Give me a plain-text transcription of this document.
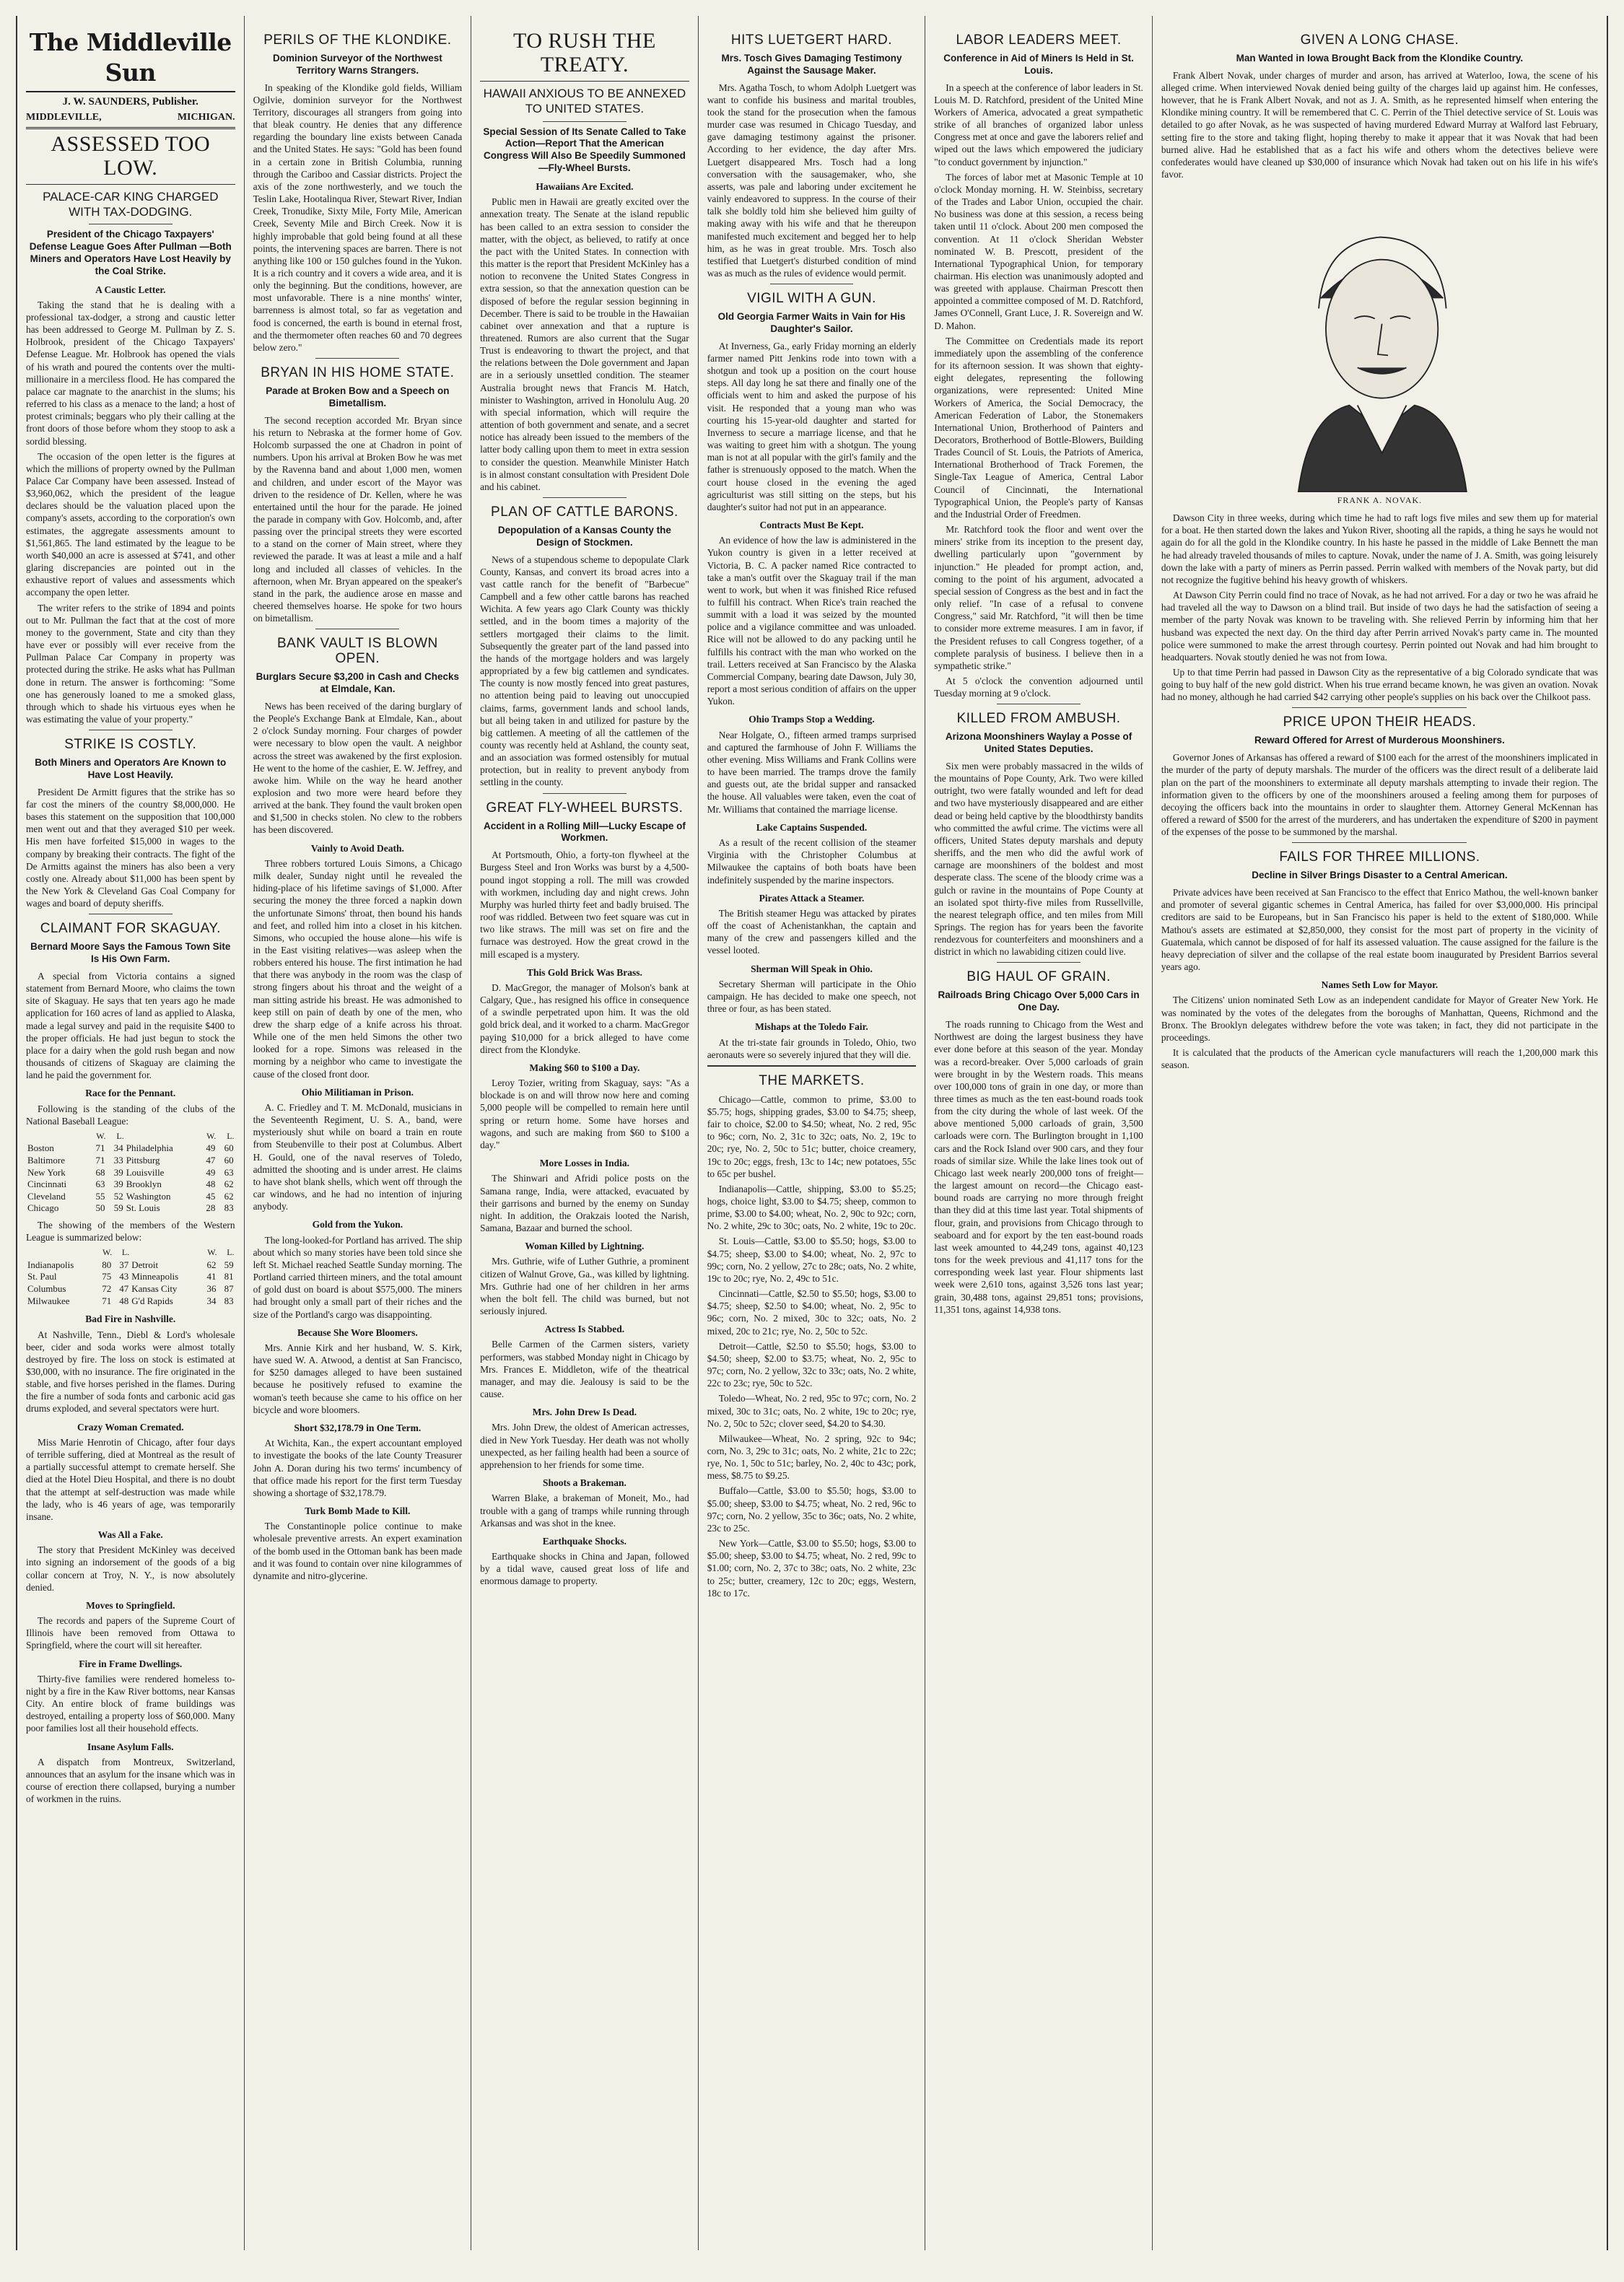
The Middleville Sun
J. W. SAUNDERS, Publisher.
MIDDLEVILLE,	MICHIGAN.
ASSESSED TOO LOW.
PALACE-CAR KING CHARGED WITH TAX-DODGING.
President of the Chicago Taxpayers' Defense League Goes After Pullman —Both Miners and Operators Have Lost Heavily by the Coal Strike.
A Caustic Letter.

Taking the stand that he is dealing with a professional tax-dodger, a strong and caustic letter has been addressed to George M. Pullman by Z. S. Holbrook, president of the Chicago Taxpayers' Defense League. Mr. Holbrook has opened the vials of his wrath and poured the contents over the multi-millionaire in a merciless flood. He has compared the palace car magnate to the anarchist in the slums; his referred to his class as a menace to the land; a host of protest criminals; beggars who ply their calling at the front doors of those before whom they stoop to ask a sordid blessing.

The occasion of the open letter is the figures at which the millions of property owned by the Pullman Palace Car Company have been assessed. Instead of $3,960,062, which the president of the league declares should be the valuation placed upon the company's assets, according to the corporation's own estimates, the aggregate assessments amount to $1,561,865. The land estimated by the league to be worth $40,000 an acre is assessed at $741, and other glaring discrepancies are pointed out in the exhaustive report of values and assessments which accompany the open letter.

The writer refers to the strike of 1894 and points out to Mr. Pullman the fact that at the cost of more money to the government, State and city than they have ever or possibly will ever receive from the Pullman Palace Car Company in property was protected during the strike. He asks what has Pullman done in return. The answer is forthcoming: "Some one has generously loaned to me a smoked glass, through which to shade his virtuous eyes when he was estimating the value of your property."

STRIKE IS COSTLY.
Both Miners and Operators Are Known to Have Lost Heavily.

President De Armitt figures that the strike has so far cost the miners of the country $8,000,000. He bases this statement on the supposition that 100,000 men went out and that they averaged $10 per week. His men have forfeited $15,000 in wages to the company by breaking their contracts. The fight of the De Armitts against the miners has also been a very costly one. Already about $11,000 has been spent by the New York & Cleveland Gas Coal Company for wages and board of deputy sheriffs.

CLAIMANT FOR SKAGUAY.
Bernard Moore Says the Famous Town Site Is His Own Farm.

A special from Victoria contains a signed statement from Bernard Moore, who claims the town site of Skaguay. He says that ten years ago he made application for 160 acres of land as applied to Alaska, made a legal survey and paid in the requisite $400 to the proper officials. He had just begun to stock the place for a dairy when the gold rush began and now thousands of citizens of Skaguay are claiming the land he paid the government for.

Race for the Pennant.

Following is the standing of the clubs of the National Baseball League:

	W.	L.		W.	L.
Boston	71	34	Philadelphia	49	60
Baltimore	71	33	Pittsburg	47	60
New York	68	39	Louisville	49	63
Cincinnati	63	39	Brooklyn	48	62
Cleveland	55	52	Washington	45	62
Chicago	50	59	St. Louis	28	83

The showing of the members of the Western League is summarized below:

	W.	L.		W.	L.
Indianapolis	80	37	Detroit	62	59
St. Paul	75	43	Minneapolis	41	81
Columbus	72	47	Kansas City	36	87
Milwaukee	71	48	G'd Rapids	34	83
Bad Fire in Nashville.

At Nashville, Tenn., Diebl & Lord's wholesale beer, cider and soda works were almost totally destroyed by fire. The loss on stock is estimated at $30,000, with no insurance. The fire originated in the stable, and five horses perished in the flames. During the fire a number of soda fonts and carbonic acid gas drums exploded, and several spectators were hurt.

Crazy Woman Cremated.

Miss Marie Henrotin of Chicago, after four days of terrible suffering, died at Montreal as the result of a partially successful attempt to cremate herself. She died at the Hotel Dieu Hospital, and there is no doubt that the attempt at self-destruction was made while the lady, who is 46 years of age, was temporarily insane.

Was All a Fake.

The story that President McKinley was deceived into signing an indorsement of the goods of a big collar concern at Troy, N. Y., is now absolutely denied.

Moves to Springfield.

The records and papers of the Supreme Court of Illinois have been removed from Ottawa to Springfield, where the court will sit hereafter.

Fire in Frame Dwellings.

Thirty-five families were rendered homeless to-night by a fire in the Kaw River bottoms, near Kansas City. An entire block of frame buildings was destroyed, entailing a property loss of $60,000. Many poor families lost all their household effects.

Insane Asylum Falls.

A dispatch from Montreux, Switzerland, announces that an asylum for the insane which was in course of erection there collapsed, burying a number of workmen in the ruins.

PERILS OF THE KLONDIKE.
Dominion Surveyor of the Northwest Territory Warns Strangers.

In speaking of the Klondike gold fields, William Ogilvie, dominion surveyor for the Northwest Territory, discourages all strangers from going into that bleak country. He denies that any difference regarding the boundary line exists between Canada and the United States. He says: "Gold has been found in a certain zone in British Columbia, running through the Cariboo and Cassiar districts. Project the axis of the zone northwesterly, and we touch the Teslin Lake, Hootalinqua River, Stewart River, Indian Creek, Tronudike, Sixty Mile, Forty Mile, American Creek, Seventy Mile and Birch Creek. Now it is highly improbable that gold being found at all these points, the intervening spaces are barren. There is not anything like 100 or 150 gulches found in the Yukon. It is a rich country and it covers a wide area, and it is only the beginning. But the conditions, however, are most unfavorable. There is a nine months' winter, barrenness is almost total, so far as vegetation and food is concerned, the earth is bound in eternal frost, and the thermometer often reaches 60 and 70 degrees below zero."

BRYAN IN HIS HOME STATE.
Parade at Broken Bow and a Speech on Bimetallism.

The second reception accorded Mr. Bryan since his return to Nebraska at the former home of Gov. Holcomb surpassed the one at Chadron in point of numbers. Upon his arrival at Broken Bow he was met by the Ravenna band and about 1,000 men, women and children, and under escort of the Mayor was driven to the residence of Dr. Kellen, where he was entertained until the hour for the parade. He joined the parade in company with Gov. Holcomb, and, after passing over the principal streets they were escorted to a stand on the corner of Main street, where they reviewed the parade. It was at least a mile and a half long and included all classes of vehicles. In the afternoon, when Mr. Bryan appeared on the speaker's stand in the park, the audience arose en masse and cheered themselves hoarse. He spoke for two hours on bimetallism.

BANK VAULT IS BLOWN OPEN.
Burglars Secure $3,200 in Cash and Checks at Elmdale, Kan.

News has been received of the daring burglary of the People's Exchange Bank at Elmdale, Kan., about 2 o'clock Sunday morning. Four charges of powder were necessary to blow open the vault. A neighbor across the street was awakened by the first explosion. He went to the home of the cashier, E. W. Jeffrey, and awoke him. While on the way he heard another explosion and two more were heard before they arrived at the bank. They found the vault broken open and $1,500 in checks stolen. No clew to the robbers has been discovered.

Vainly to Avoid Death.

Three robbers tortured Louis Simons, a Chicago milk dealer, Sunday night until he revealed the hiding-place of his lifetime savings of $1,000. After securing the money the three forced a napkin down the unfortunate Simons' throat, then bound his hands and feet, and rolled him into a closet in his kitchen. Simons, who occupied the house alone—his wife is in the East visiting relatives—was asleep when the robbers entered his house. The first intimation he had that there was anybody in the room was the clasp of strong fingers about his throat and the weight of a man sitting astride his breast. He was admonished to keep still on pain of death by one of the men, who drew the sharp edge of a knife across his throat. While one of the men held Simons the other two looked for a rope. Simons was released in the morning by a neighbor who came to investigate the cause of the closed front door.

Ohio Militiaman in Prison.

A. C. Friedley and T. M. McDonald, musicians in the Seventeenth Regiment, U. S. A., band, were mysteriously shut while on board a train en route from Steubenville to their post at Columbus. Albert H. Gould, one of the naval reserves of Toledo, admitted the shooting and is under arrest. He claims to have shot blank shells, which went off through the car windows, and he had no intention of injuring anybody.

Gold from the Yukon.

The long-looked-for Portland has arrived. The ship about which so many stories have been told since she left St. Michael reached Seattle Sunday morning. The Portland carried thirteen miners, and the total amount of gold dust on board is about $575,000. The miners had brought only a small part of their riches and the size of the Portland's cargo was disappointing.

Because She Wore Bloomers.

Mrs. Annie Kirk and her husband, W. S. Kirk, have sued W. A. Atwood, a dentist at San Francisco, for $250 damages alleged to have been sustained because he positively refused to examine the woman's teeth because she came to his office on her bicycle and wore bloomers.

Short $32,178.79 in One Term.

At Wichita, Kan., the expert accountant employed to investigate the books of the late County Treasurer John A. Doran during his two terms' incumbency of that office made his report for the first term Tuesday showing a shortage of $32,178.79.

Turk Bomb Made to Kill.

The Constantinople police continue to make wholesale preventive arrests. An expert examination of the bomb used in the Ottoman bank has been made and it was found to contain over nine kilogrammes of dynamite and nitro-glycerine.

TO RUSH THE TREATY.
HAWAII ANXIOUS TO BE ANNEXED TO UNITED STATES.
Special Session of Its Senate Called to Take Action—Report That the American Congress Will Also Be Speedily Summoned—Fly-Wheel Bursts.
Hawaiians Are Excited.

Public men in Hawaii are greatly excited over the annexation treaty. The Senate at the island republic has been called to an extra session to consider the matter, with the object, as believed, to ratify at once the pact with the United States. In connection with this matter is the report that President McKinley has a notion to reconvene the United States Congress in extra session, so that the annexation question can be disposed of before the regular session beginning in December. There is said to be trouble in the Hawaiian cabinet over annexation and that a rupture is threatened. Rumors are also current that the Sugar Trust is endeavoring to thwart the project, and that the relations between the Dole government and Japan are in a seriously unsettled condition. The steamer Australia brought news that Francis M. Hatch, minister to Washington, arrived in Honolulu Aug. 20 with special information, which will require the attention of both government and senate, and a secret notice has already been issued to the members of the latter body calling upon them to meet in extra session to consider the question. Meanwhile Minister Hatch is in almost constant consultation with President Dole and his cabinet.

PLAN OF CATTLE BARONS.
Depopulation of a Kansas County the Design of Stockmen.

News of a stupendous scheme to depopulate Clark County, Kansas, and convert its broad acres into a vast cattle ranch for the benefit of "Barbecue" Campbell and a few other cattle barons has reached Wichita. A few years ago Clark County was thickly settled, and in the boom times a majority of the settlers mortgaged their claims to the limit. Subsequently the greater part of the land passed into the hands of the mortgage holders and was largely appropriated by a few big cattlemen and syndicates. The county is now mostly fenced into great pastures, no attention being paid to leaving out unoccupied claims, farms, government lands and school lands, but all being taken in and utilized for pasture by the big cattlemen. A meeting of all the cattlemen of the county was recently held at Ashland, the county seat, and an association was formed ostensibly for mutual protection, but in reality to prevent anybody from settling in the county.

GREAT FLY-WHEEL BURSTS.
Accident in a Rolling Mill—Lucky Escape of Workmen.

At Portsmouth, Ohio, a forty-ton flywheel at the Burgess Steel and Iron Works was burst by a 4,500-pound ingot stopping a roll. The mill was crowded with workmen, including day and night crews. John Murphy was hurled thirty feet and badly bruised. The roof was riddled. Between two feet square was cut in two like straws. The mill was set on fire and the furnace was destroyed. How the great crowd in the mill escaped is a mystery.

This Gold Brick Was Brass.

D. MacGregor, the manager of Molson's bank at Calgary, Que., has resigned his office in consequence of a swindle perpetrated upon him. It was the old gold brick deal, and it worked to a charm. MacGregor paying $10,000 for a brick alleged to have come direct from the Klondyke.

Making $60 to $100 a Day.

Leroy Tozier, writing from Skaguay, says: "As a blockade is on and will throw now here and coming 5,000 people will be compelled to remain here until spring or return home. Some have horses and wagons, and such are making from $60 to $100 a day."

More Losses in India.

The Shinwari and Afridi police posts on the Samana range, India, were attacked, evacuated by their garrisons and burned by the enemy on Sunday night. In addition, the Orakzais looted the Narish, Samana, Bazaar and burned the school.

Woman Killed by Lightning.

Mrs. Guthrie, wife of Luther Guthrie, a prominent citizen of Walnut Grove, Ga., was killed by lightning. Mrs. Guthrie had one of her children in her arms when the bolt fell. The child was burned, but not seriously injured.

Actress Is Stabbed.

Belle Carmen of the Carmen sisters, variety performers, was stabbed Monday night in Chicago by Mrs. Frances E. Middleton, wife of the theatrical manager, and may die. Jealousy is said to be the cause.

Mrs. John Drew Is Dead.

Mrs. John Drew, the oldest of American actresses, died in New York Tuesday. Her death was not wholly unexpected, as her failing health had been a source of apprehension to her friends for some time.

Shoots a Brakeman.

Warren Blake, a brakeman of Moneit, Mo., had trouble with a gang of tramps while running through Arkansas and was shot in the knee.

Earthquake Shocks.

Earthquake shocks in China and Japan, followed by a tidal wave, caused great loss of life and enormous damage to property.

HITS LUETGERT HARD.
Mrs. Tosch Gives Damaging Testimony Against the Sausage Maker.

Mrs. Agatha Tosch, to whom Adolph Luetgert was want to confide his business and marital troubles, took the stand for the prosecution when the famous murder case was resumed in Chicago Tuesday, and gave damaging testimony against the prisoner. According to her evidence, the day after Mrs. Luetgert disappeared Mrs. Tosch had a long conversation with the sausagemaker, who, she asserts, was pale and laboring under excitement he vainly endeavored to suppress. In the course of their talk she boldly told him she believed him guilty of making away with his wife and that he thereupon manifested much excitement and begged her to help him, as he was in great trouble. Mrs. Tosch also testified that Luetgert's disturbed condition of mind was as much as the rules of evidence would permit.

VIGIL WITH A GUN.
Old Georgia Farmer Waits in Vain for His Daughter's Sailor.

At Inverness, Ga., early Friday morning an elderly farmer named Pitt Jenkins rode into town with a shotgun and took up a position on the court house steps. All day long he sat there and finally one of the officials went to him and asked the purpose of his visit. He responded that a young man who was courting his 15-year-old daughter and started for Inverness to secure a marriage license, and that he was waiting to greet him with a shotgun. The young man is not at all popular with the girl's family and the father is strenuously opposed to the match. When the court house closed in the evening the aged agriculturist was still sitting on the steps, but his daughter's suitor had not put in an appearance.

Contracts Must Be Kept.

An evidence of how the law is administered in the Yukon country is given in a letter received at Victoria, B. C. A packer named Rice contracted to take a man's outfit over the Skaguay trail if the man went to work, but when it was finished Rice refused to fulfill his contract. When Rice's train reached the summit with a load it was seized by the mounted police and a vigilance committee and was unloaded. Rice will not be allowed to do any packing until he fulfills his contract with the man who worked on the trail. Letters received at San Francisco by the Alaska Commercial Company, bearing date Dawson, July 30, report a most serious condition of affairs on the upper Yukon.

Ohio Tramps Stop a Wedding.

Near Holgate, O., fifteen armed tramps surprised and captured the farmhouse of John F. Williams the other evening. Miss Williams and Frank Collins were to have been married. The tramps drove the family and guests out, ate the bridal supper and ransacked the house. All valuables were taken, even the coat of Mr. Williams that contained the marriage license.

Lake Captains Suspended.

As a result of the recent collision of the steamer Virginia with the Christopher Columbus at Milwaukee the captains of both boats have been indefinitely suspended by the marine inspectors.

Pirates Attack a Steamer.

The British steamer Hegu was attacked by pirates off the coast of Achenistankhan, the captain and many of the crew and passengers killed and the vessel looted.

Sherman Will Speak in Ohio.

Secretary Sherman will participate in the Ohio campaign. He has decided to make one speech, not three or four, as has been stated.

Mishaps at the Toledo Fair.

At the tri-state fair grounds in Toledo, Ohio, two aeronauts were so severely injured that they will die.

THE MARKETS.

Chicago—Cattle, common to prime, $3.00 to $5.75; hogs, shipping grades, $3.00 to $4.75; sheep, fair to choice, $2.00 to $4.50; wheat, No. 2 red, 95c to 96c; corn, No. 2, 31c to 32c; oats, No. 2, 19c to 20c; rye, No. 2, 50c to 51c; butter, choice creamery, 19c to 20c; eggs, fresh, 13c to 14c; new potatoes, 55c to 65c per bushel.

Indianapolis—Cattle, shipping, $3.00 to $5.25; hogs, choice light, $3.00 to $4.75; sheep, common to prime, $3.00 to $4.00; wheat, No. 2, 90c to 92c; corn, No. 2 white, 29c to 30c; oats, No. 2 white, 19c to 20c.

St. Louis—Cattle, $3.00 to $5.50; hogs, $3.00 to $4.75; sheep, $3.00 to $4.00; wheat, No. 2, 97c to 99c; corn, No. 2 yellow, 27c to 28c; oats, No. 2 white, 19c to 20c; rye, No. 2, 49c to 51c.

Cincinnati—Cattle, $2.50 to $5.50; hogs, $3.00 to $4.75; sheep, $2.50 to $4.00; wheat, No. 2, 95c to 96c; corn, No. 2 mixed, 30c to 32c; oats, No. 2 mixed, 20c to 21c; rye, No. 2, 50c to 52c.

Detroit—Cattle, $2.50 to $5.50; hogs, $3.00 to $4.50; sheep, $2.00 to $3.75; wheat, No. 2, 95c to 97c; corn, No. 2 yellow, 32c to 33c; oats, No. 2 white, 22c to 23c; rye, 50c to 52c.

Toledo—Wheat, No. 2 red, 95c to 97c; corn, No. 2 mixed, 30c to 31c; oats, No. 2 white, 19c to 20c; rye, No. 2, 50c to 52c; clover seed, $4.20 to $4.30.

Milwaukee—Wheat, No. 2 spring, 92c to 94c; corn, No. 3, 29c to 31c; oats, No. 2 white, 21c to 22c; rye, No. 1, 50c to 51c; barley, No. 2, 40c to 43c; pork, mess, $8.75 to $9.25.

Buffalo—Cattle, $3.00 to $5.50; hogs, $3.00 to $5.00; sheep, $3.00 to $4.75; wheat, No. 2 red, 96c to 97c; corn, No. 2 yellow, 35c to 36c; oats, No. 2 white, 23c to 25c.

New York—Cattle, $3.00 to $5.50; hogs, $3.00 to $5.00; sheep, $3.00 to $4.75; wheat, No. 2 red, 99c to $1.00; corn, No. 2, 37c to 38c; oats, No. 2 white, 23c to 25c; butter, creamery, 12c to 20c; eggs, Western, 18c to 17c.

LABOR LEADERS MEET.
Conference in Aid of Miners Is Held in St. Louis.

In a speech at the conference of labor leaders in St. Louis M. D. Ratchford, president of the United Mine Workers of America, advocated a great sympathetic strike of all branches of organized labor unless Congress met at once and gave the laborers relief and wiped out the laws which empowered the judiciary "to conduct government by injunction."

The forces of labor met at Masonic Temple at 10 o'clock Monday morning. H. W. Steinbiss, secretary of the Trades and Labor Union, occupied the chair. No business was done at this session, a recess being taken until 11 o'clock. About 200 men composed the convention. At 11 o'clock Sheridan Webster nominated W. B. Prescott, president of the International Typographical Union, for temporary chairman. His election was unanimously adopted and was greeted with applause. Chairman Prescott then appointed a committee composed of M. D. Ratchford, James O'Connell, Grant Luce, J. R. Sovereign and W. D. Mahon.

The Committee on Credentials made its report immediately upon the assembling of the conference for its afternoon session. It was shown that eighty-eight delegates, representing the following organizations, were represented: United Mine Workers of America, the Social Democracy, the American Federation of Labor, the Stonemakers International Union, Brotherhood of Painters and Decorators, Brotherhood of Bottle-Blowers, Building Trades Council of St. Louis, the Patriots of America, International Brotherhood of Track Foremen, the Single-Tax League of America, Central Labor Council of Cincinnati, the International Typographical Union, the People's party of Kansas and the Industrial Order of Freedmen.

Mr. Ratchford took the floor and went over the miners' strike from its inception to the present day, dwelling particularly upon "government by injunction." He pleaded for prompt action, and, coming to the point of his argument, advocated a special session of Congress as the best and in fact the only relief. "In case of a refusal to convene Congress," said Mr. Ratchford, "it will then be time to consider more extreme measures. I am in favor, if the President refuses to call Congress together, of a complete paralysis of business. I believe then in a sympathetic strike."

At 5 o'clock the convention adjourned until Tuesday morning at 9 o'clock.

KILLED FROM AMBUSH.
Arizona Moonshiners Waylay a Posse of United States Deputies.

Six men were probably massacred in the wilds of the mountains of Pope County, Ark. Two were killed outright, two were fatally wounded and left for dead and two have mysteriously disappeared and are either dead or being held captive by the bloodthirsty bandits who committed the awful crime. The victims were all officers, United States deputy marshals and deputy sheriffs, and the men who did the awful work of carnage are moonshiners of the boldest and most desperate class. The scene of the bloody crime was a gulch or ravine in the mountains of Pope County at an isolated spot thirty-five miles from Russellville, the nearest telegraph office, and ten miles from Mill Springs. The region has for years been the favorite rendezvous for counterfeiters and moonshiners and a district in which no lawabiding citizen could live.

BIG HAUL OF GRAIN.
Railroads Bring Chicago Over 5,000 Cars in One Day.

The roads running to Chicago from the West and Northwest are doing the largest business they have ever done before at this season of the year. Monday was a record-breaker. Over 5,000 carloads of grain were brought in by the Western roads. This means over 100,000 tons of grain in one day, or more than three times as much as the ten east-bound roads took from the city during the whole of last week. Of the above mentioned 5,000 carloads of grain, 3,500 carloads were corn. The Burlington brought in 1,100 cars and the Rock Island over 900 cars, and they four roads of similar size. While the lake lines took out of Chicago last week nearly 200,000 tons of freight—the largest amount on record—the Chicago east-bound roads are carrying no more through freight than they did at this time last year. Total shipments of flour, grain, and provisions from Chicago through to seaboard and for export by the ten east-bound roads last week amounted to 44,249 tons, against 40,123 tons for the week previous and 41,117 tons for the corresponding week last year. Flour shipments last week were 2,610 tons, against 3,526 tons last year; grain, 30,488 tons, against 29,851 tons; provisions, 11,351 tons, against 14,938 tons.

GIVEN A LONG CHASE.
Man Wanted in Iowa Brought Back from the Klondike Country.

Frank Albert Novak, under charges of murder and arson, has arrived at Waterloo, Iowa, the scene of his alleged crime. When interviewed Novak denied being guilty of the charges laid up against him. He confesses, however, that he is Frank Albert Novak, and not as J. A. Smith, as he represented himself when entering the Klondike mining country. It will be remembered that C. C. Perrin of the Thiel detective service of St. Louis was detailed to go after Novak, as he was suspected of having murdered Edward Murray at Walford last February, setting fire to the store and taking flight, hoping thereby to make it appear that it was Novak that had been burned alive. Had he established that as a fact his wife and others whom the detectives believe were confederates would have cleaned up $30,000 of insurance which Novak had taken out on his life in his wife's favor.

FRANK A. NOVAK.

Dawson City in three weeks, during which time he had to raft logs five miles and sew them up for material for a boat. He then started down the lakes and Yukon River, shooting all the rapids, a thing he says he would not again do for all the gold in the Klondike country. In his haste he passed in the middle of Lake Bennett the man he had already traveled thousands of miles to capture. Novak, under the name of J. A. Smith, was going leisurely down the lake with a party of miners as Perrin passed. Perrin walked with members of the Novak party, but did not recognize the fugitive behind his heavy growth of whiskers.

At Dawson City Perrin could find no trace of Novak, as he had not arrived. For a day or two he was afraid he had traveled all the way to Dawson on a blind trail. But inside of two days he had the satisfaction of seeing a member of the party Novak was known to be traveling with. She relieved Perrin by informing him that her husband was expected the next day. On the third day after Perrin arrived Novak's party came in. The mounted police were summoned to make the arrest through courtesy. Perrin pointed out Novak and had him brought to headquarters. Novak stoutly denied he was not from Iowa.

Up to that time Perrin had passed in Dawson City as the representative of a big Colorado syndicate that was going to buy half of the new gold district. When his true errand became known, he was given an ovation. Novak had no money, although he had carried $42 carrying other people's supplies on his back over the Chilkoot pass.

PRICE UPON THEIR HEADS.
Reward Offered for Arrest of Murderous Moonshiners.

Governor Jones of Arkansas has offered a reward of $100 each for the arrest of the moonshiners implicated in the murder of the party of deputy marshals. The murder of the officers was the direct result of a deliberate laid plan on the part of the moonshiners to exterminate all deputy marshals attempting to invade their region. The information given to the officers by one of the moonshiners aroused a feeling among them for purposes of decoying the officers back into the mountains in order to slaughter them. Attorney General McKennan has offered a reward of $500 for the arrest of the murderers, and has undertaken the expenditure of $200 in payment of the expenses of the posse to be summoned by the marshal.

FAILS FOR THREE MILLIONS.
Decline in Silver Brings Disaster to a Central American.

Private advices have been received at San Francisco to the effect that Enrico Mathou, the well-known banker and promoter of several gigantic schemes in Central America, has failed for over $3,000,000. His principal creditors are said to be Europeans, but in San Francisco his paper is held to the extent of $180,000. While Mathou's assets are estimated at $2,850,000, they consist for the most part of property in the vicinity of Guatemala, which cannot be disposed of for half its assessed valuation. The cause assigned for the failure is the heavy depreciation of silver and the collapse of the real estate boom inaugurated by President Barrios several years ago.

Names Seth Low for Mayor.

The Citizens' union nominated Seth Low as an independent candidate for Mayor of Greater New York. He was nominated by the votes of the delegates from the boroughs of Manhattan, Queens, Richmond and the Bronx. The Brooklyn delegates withdrew before the vote was taken; in fact, they did not participate in the proceedings.

It is calculated that the products of the American cycle manufacturers will reach the 1,200,000 mark this season.
